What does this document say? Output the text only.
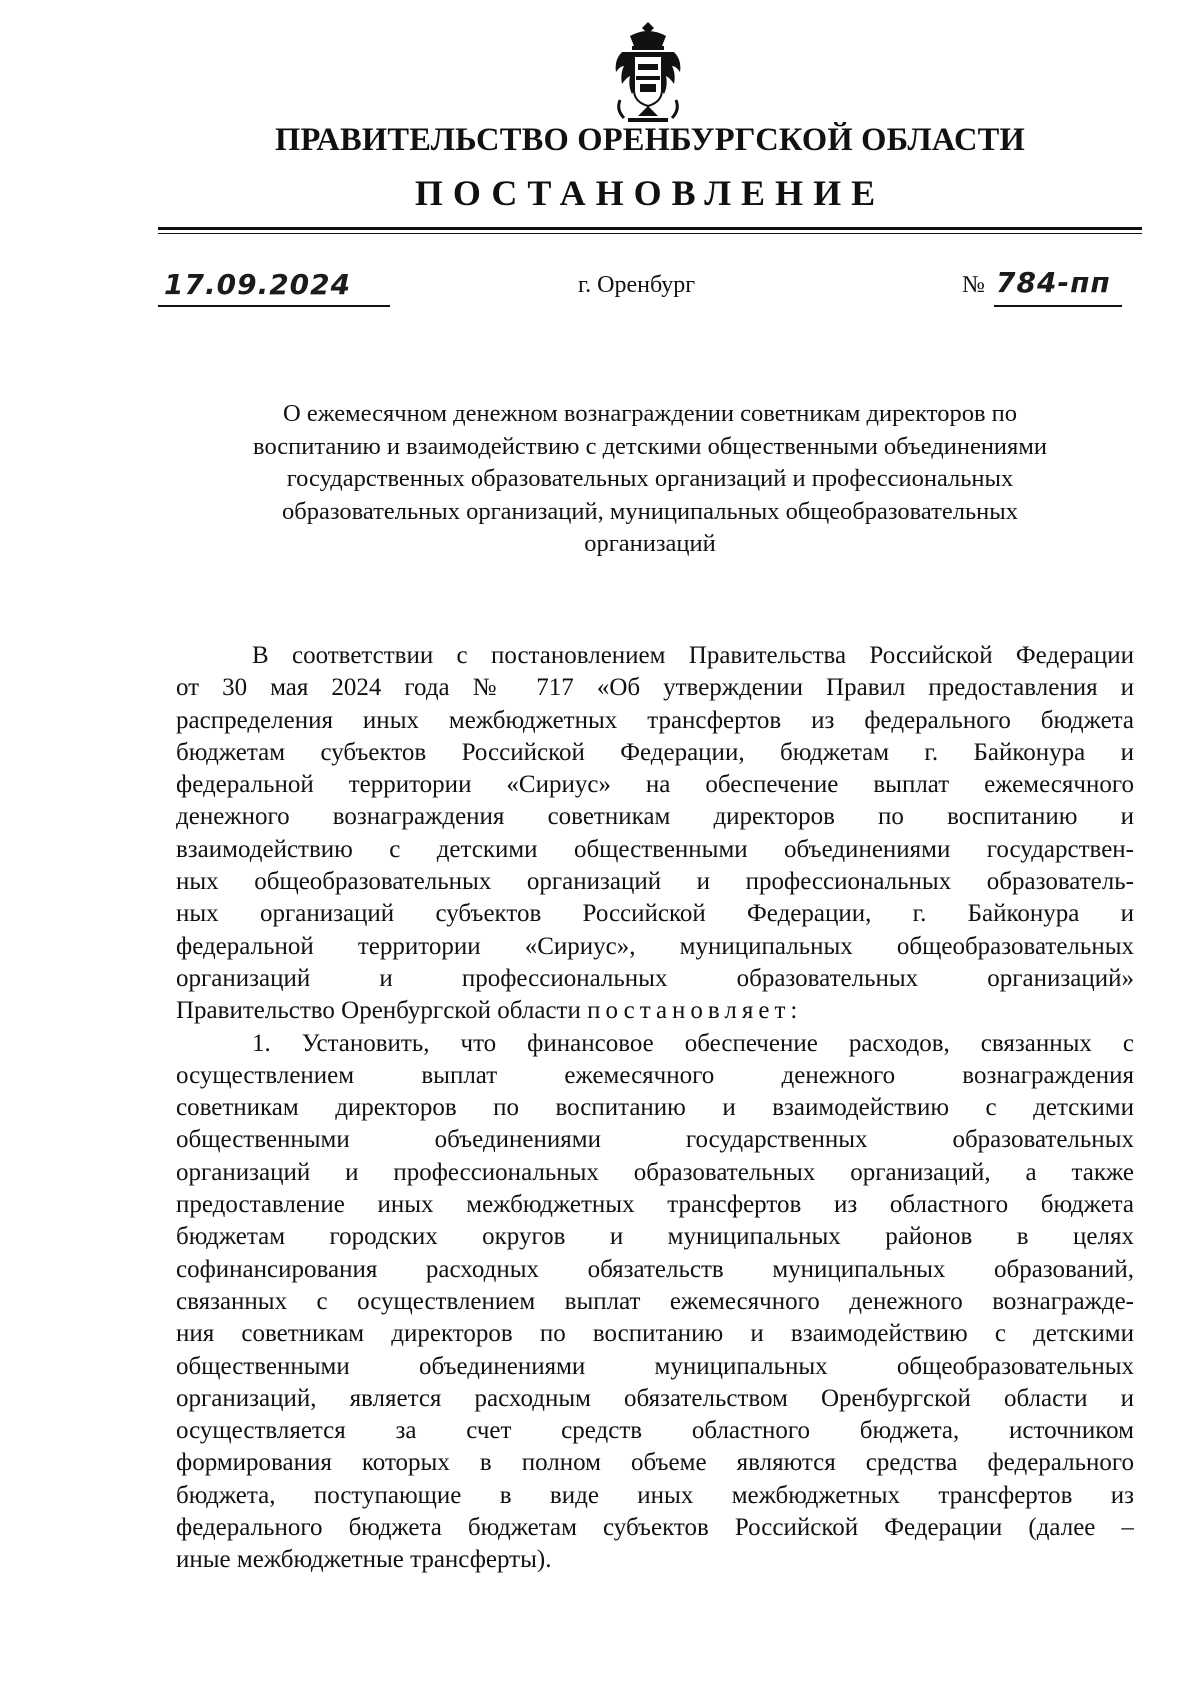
ПРАВИТЕЛЬСТВО ОРЕНБУРГСКОЙ ОБЛАСТИ
ПОСТАНОВЛЕНИЕ
17.09.2024	г. Оренбург	№ 784-пп
О ежемесячном денежном вознаграждении советникам директоров по
воспитанию и взаимодействию с детскими общественными объединениями
государственных образовательных организаций и профессиональных
образовательных организаций, муниципальных общеобразовательных
организаций
В соответствии с постановлением Правительства Российской Федерации
от 30 мая 2024 года № 717 «Об утверждении Правил предоставления и
распределения иных межбюджетных трансфертов из федерального бюджета
бюджетам субъектов Российской Федерации, бюджетам г. Байконура и
федеральной территории «Сириус» на обеспечение выплат ежемесячного
денежного вознаграждения советникам директоров по воспитанию и
взаимодействию с детскими общественными объединениями государствен-
ных общеобразовательных организаций и профессиональных образователь-
ных организаций субъектов Российской Федерации, г. Байконура и
федеральной территории «Сириус», муниципальных общеобразовательных
организаций и профессиональных образовательных организаций»
Правительство Оренбургской области постановляет:
1. Установить, что финансовое обеспечение расходов, связанных с
осуществлением выплат ежемесячного денежного вознаграждения
советникам директоров по воспитанию и взаимодействию с детскими
общественными объединениями государственных образовательных
организаций и профессиональных образовательных организаций, а также
предоставление иных межбюджетных трансфертов из областного бюджета
бюджетам городских округов и муниципальных районов в целях
софинансирования расходных обязательств муниципальных образований,
связанных с осуществлением выплат ежемесячного денежного вознагражде-
ния советникам директоров по воспитанию и взаимодействию с детскими
общественными объединениями муниципальных общеобразовательных
организаций, является расходным обязательством Оренбургской области и
осуществляется за счет средств областного бюджета, источником
формирования которых в полном объеме являются средства федерального
бюджета, поступающие в виде иных межбюджетных трансфертов из
федерального бюджета бюджетам субъектов Российской Федерации (далее –
иные межбюджетные трансферты).
